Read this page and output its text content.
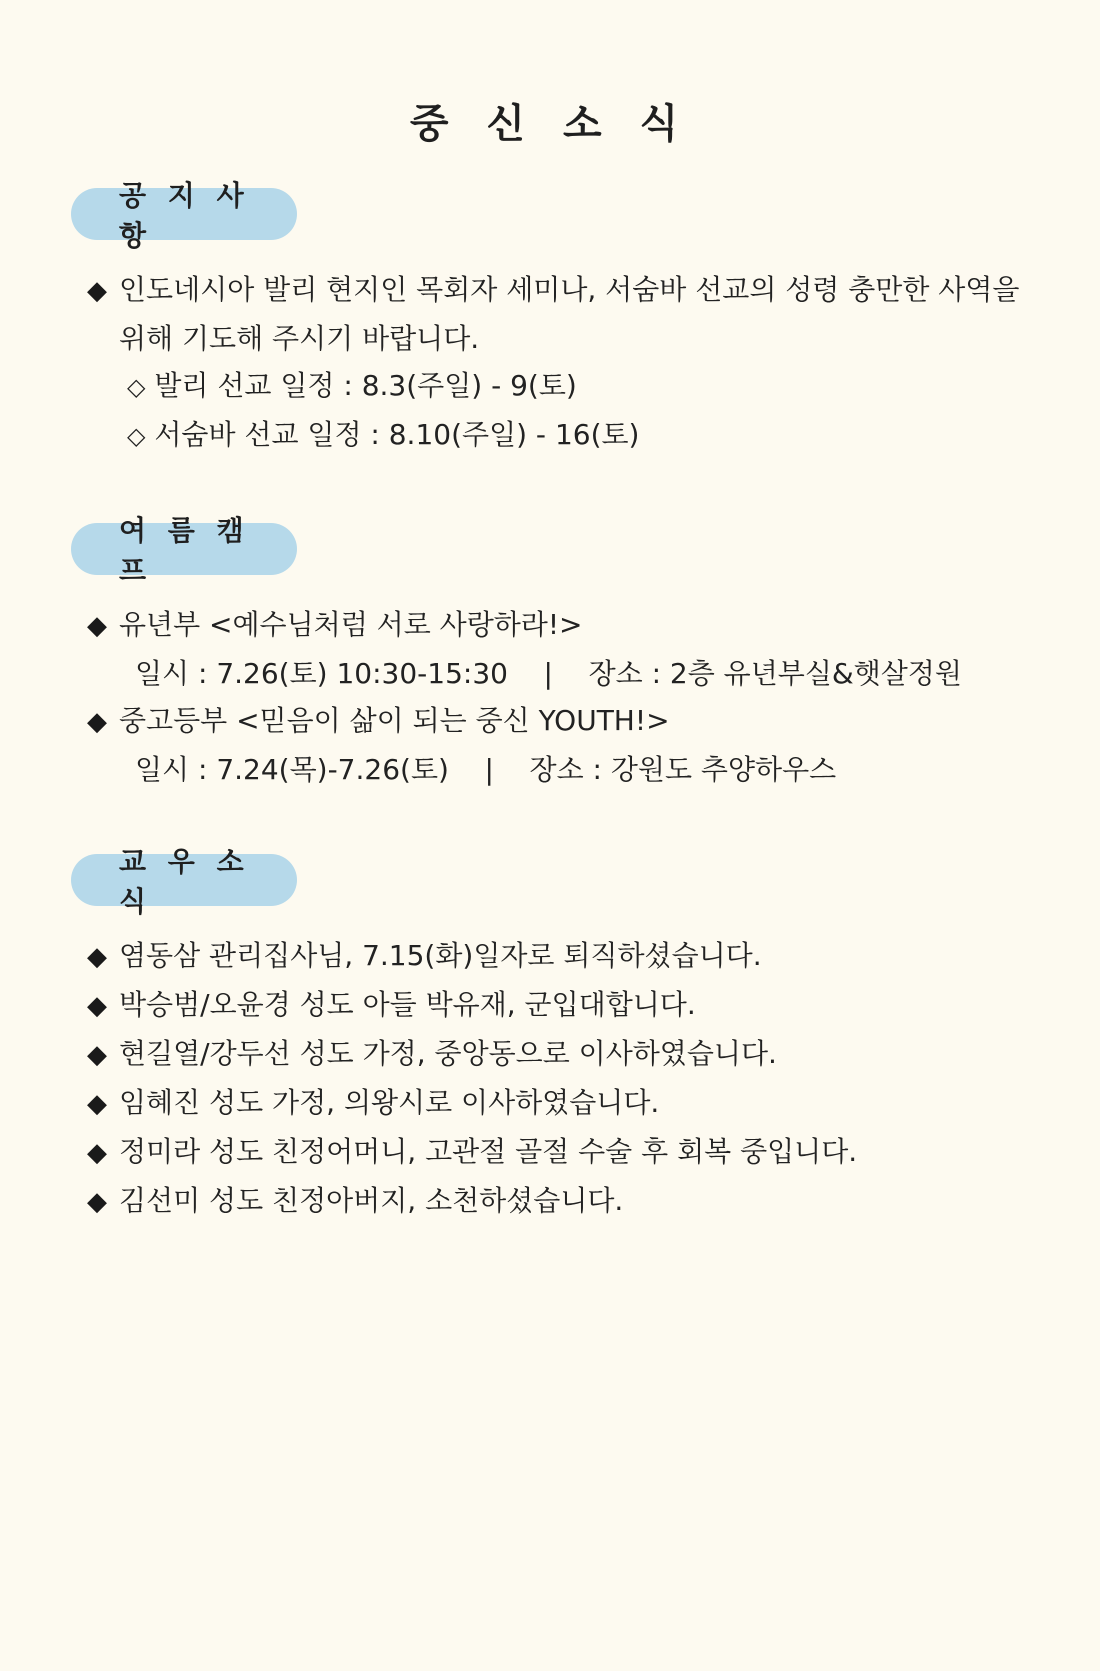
중 신 소 식
공 지 사 항
◆ 인도네시아 발리 현지인 목회자 세미나, 서숨바 선교의 성령 충만한 사역을
위해 기도해 주시기 바랍니다.
◇ 발리 선교 일정 : 8.3(주일) - 9(토)
◇ 서숨바 선교 일정 : 8.10(주일) - 16(토)
여 름 캠 프
◆ 유년부 <예수님처럼 서로 사랑하라!>
일시 : 7.26(토) 10:30-15:30    |    장소 : 2층 유년부실&햇살정원
◆ 중고등부 <믿음이 삶이 되는 중신 YOUTH!>
일시 : 7.24(목)-7.26(토)    |    장소 : 강원도 추양하우스
교 우 소 식
◆ 염동삼 관리집사님, 7.15(화)일자로 퇴직하셨습니다.
◆ 박승범/오윤경 성도 아들 박유재, 군입대합니다.
◆ 현길열/강두선 성도 가정, 중앙동으로 이사하였습니다.
◆ 임혜진 성도 가정, 의왕시로 이사하였습니다.
◆ 정미라 성도 친정어머니, 고관절 골절 수술 후 회복 중입니다.
◆ 김선미 성도 친정아버지, 소천하셨습니다.
